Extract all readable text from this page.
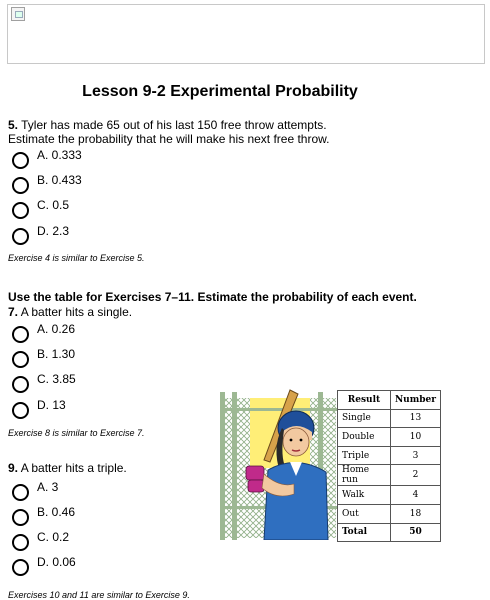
Lesson 9-2 Experimental Probability
5. Tyler has made 65 out of his last 150 free throw attempts.
Estimate the probability that he will make his next free throw.
A. 0.333
B. 0.433
C. 0.5
D. 2.3
Exercise 4 is similar to Exercise 5.
Use the table for Exercises 7–11. Estimate the probability of each event.
7. A batter hits a single.
A. 0.26
B. 1.30
C. 3.85
D. 13
Exercise 8 is similar to Exercise 7.
9. A batter hits a triple.
A. 3
B. 0.46
C. 0.2
D. 0.06
Exercises 10 and 11 are similar to Exercise 9.
Result	Number
Single	13
Double	10
Triple	3
Home run	2
Walk	4
Out	18
Total	50
